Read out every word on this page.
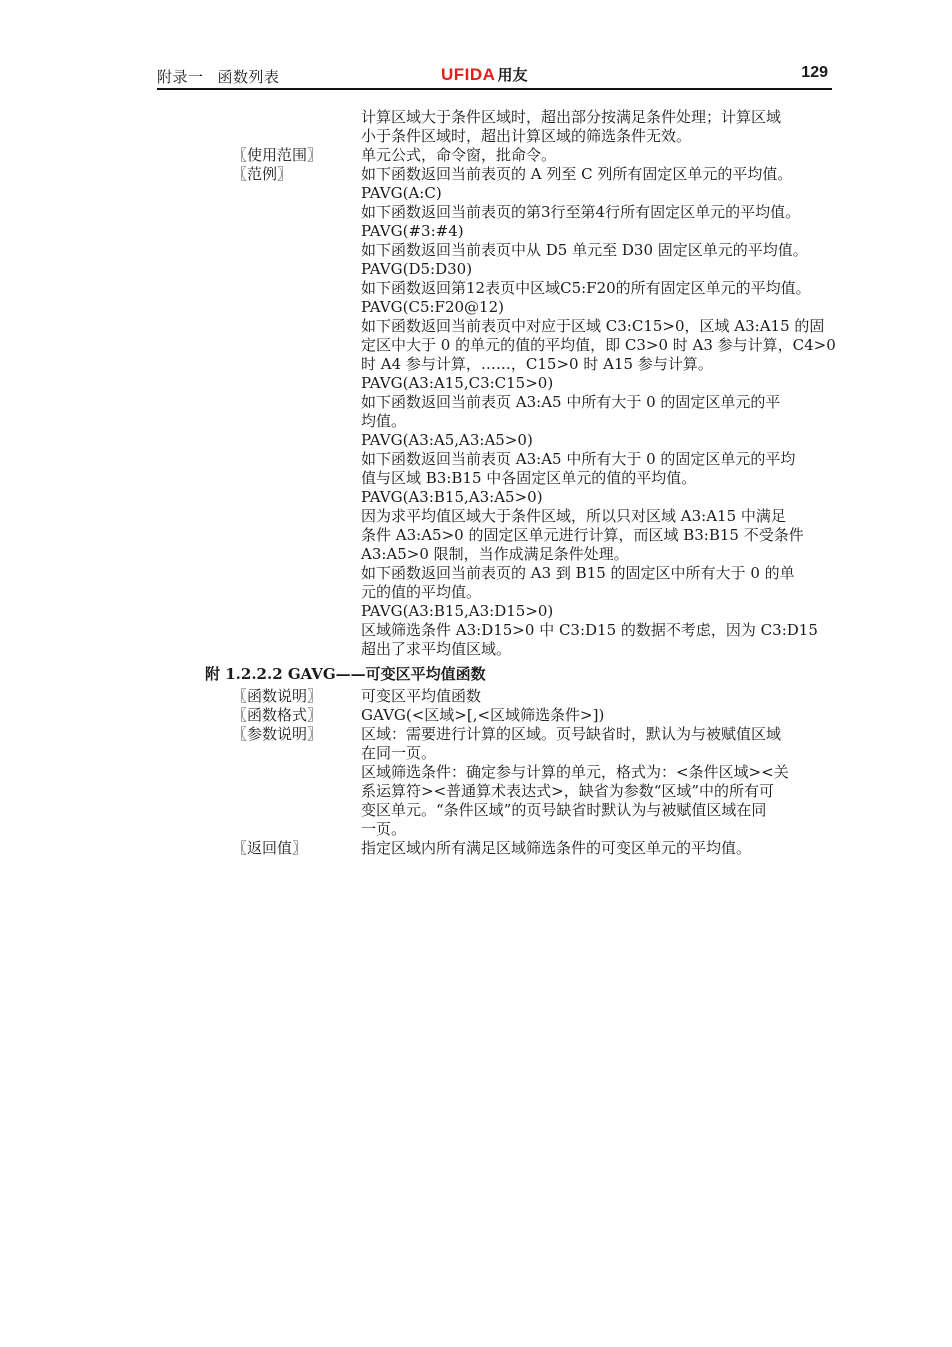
附录一 函数列表	UFIDA 用友	129

计算区域大于条件区域时，超出部分按满足条件处理；计算区域

小于条件区域时，超出计算区域的筛选条件无效。

〖使用范围〗	单元公式，命令窗，批命令。

〖范例〗	如下函数返回当前表页的 A 列至 C 列所有固定区单元的平均值。

PAVG(A:C)

如下函数返回当前表页的第3行至第4行所有固定区单元的平均值。

PAVG(#3:#4)

如下函数返回当前表页中从 D5 单元至 D30 固定区单元的平均值。

PAVG(D5:D30)

如下函数返回第12表页中区域C5:F20的所有固定区单元的平均值。

PAVG(C5:F20@12)

如下函数返回当前表页中对应于区域 C3:C15>0，区域 A3:A15 的固

定区中大于 0 的单元的值的平均值，即 C3>0 时 A3 参与计算，C4>0

时 A4 参与计算，……，C15>0 时 A15 参与计算。

PAVG(A3:A15,C3:C15>0)

如下函数返回当前表页 A3:A5 中所有大于 0 的固定区单元的平

均值。

PAVG(A3:A5,A3:A5>0)

如下函数返回当前表页 A3:A5 中所有大于 0 的固定区单元的平均

值与区域 B3:B15 中各固定区单元的值的平均值。

PAVG(A3:B15,A3:A5>0)

因为求平均值区域大于条件区域，所以只对区域 A3:A15 中满足

条件 A3:A5>0 的固定区单元进行计算，而区域 B3:B15 不受条件

A3:A5>0 限制，当作成满足条件处理。

如下函数返回当前表页的 A3 到 B15 的固定区中所有大于 0 的单

元的值的平均值。

PAVG(A3:B15,A3:D15>0)

区域筛选条件 A3:D15>0 中 C3:D15 的数据不考虑，因为 C3:D15

超出了求平均值区域。

附 1.2.2.2 GAVG——可变区平均值函数
〖函数说明〗	可变区平均值函数

〖函数格式〗	GAVG(<区域>[,<区域筛选条件>])

〖参数说明〗	区域：需要进行计算的区域。页号缺省时，默认为与被赋值区域

在同一页。

区域筛选条件：确定参与计算的单元，格式为：<条件区域><关

系运算符><普通算术表达式>，缺省为参数“区域”中的所有可

变区单元。“条件区域”的页号缺省时默认为与被赋值区域在同

一页。

〖返回值〗	指定区域内所有满足区域筛选条件的可变区单元的平均值。
